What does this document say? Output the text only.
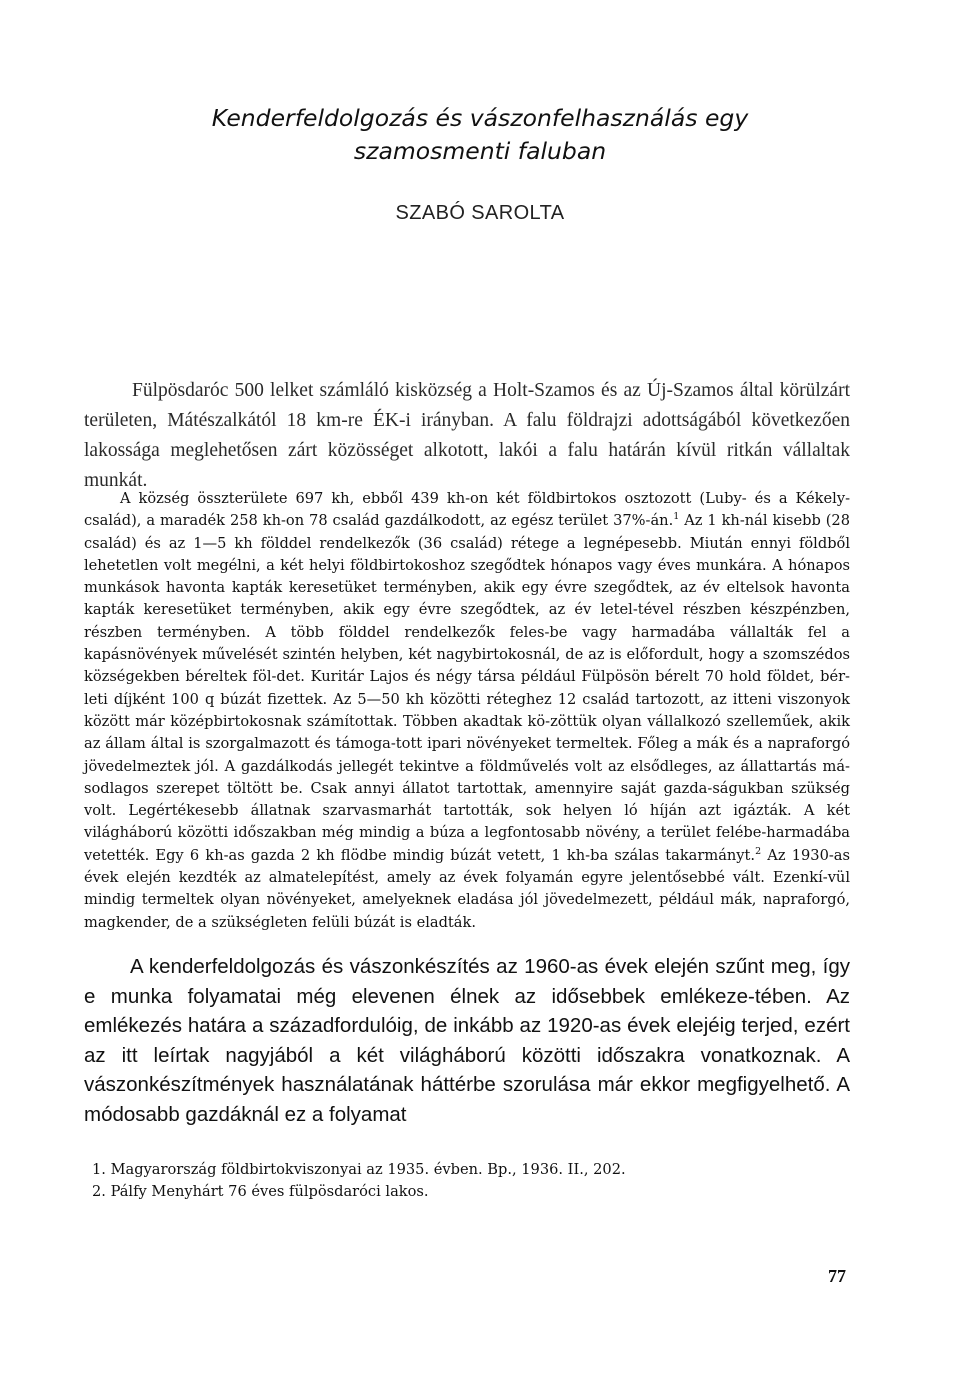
Kenderfeldolgozás és vászonfelhasználás egy

szamosmenti faluban

SZABÓ SAROLTA

Fülpösdaróc 500 lelket számláló kisközség a Holt-Szamos és az Új-Szamos által körülzárt területen, Mátészalkától 18 km-re ÉK-i irányban. A falu földrajzi adottságából következően lakossága meglehetősen zárt közösséget alkotott, lakói a falu határán kívül ritkán vállaltak munkát.

A község összterülete 697 kh, ebből 439 kh-on két földbirtokos osztozott (Luby- és a Kékely-család), a maradék 258 kh-on 78 család gazdálkodott, az egész terület 37%-án.$^1$ Az 1 kh-nál kisebb (28 család) és az 1—5 kh földdel rendelkezők (36 család) rétege a legnépesebb. Miután ennyi földből lehetetlen volt megélni, a két helyi földbirtokoshoz szegődtek hónapos vagy éves munkára. A hónapos munkások havonta kapták keresetüket terményben, akik egy évre szegődtek, az év eltelsok havonta kapták keresetüket terményben, akik egy évre szegődtek, az év letel-tével részben készpénzben, részben terményben. A több földdel rendelkezők feles-be vagy harmadába vállalták fel a kapásnövények művelését szintén helyben, két nagybirtokosnál, de az is előfordult, hogy a szomszédos községekben béreltek föl-det. Kuritár Lajos és négy társa például Fülpösön bérelt 70 hold földet, bér-leti díjként 100 q búzát fizettek. Az 5—50 kh közötti réteghez 12 család tartozott, az itteni viszonyok között már középbirtokosnak számítottak. Többen akadtak kö-zöttük olyan vállalkozó szelleműek, akik az állam által is szorgalmazott és támoga-tott ipari növényeket termeltek. Főleg a mák és a napraforgó jövedelmeztek jól. A gazdálkodás jellegét tekintve a földművelés volt az elsődleges, az állattartás má-sodlagos szerepet töltött be. Csak annyi állatot tartottak, amennyire saját gazda-ságukban szükség volt. Legértékesebb állatnak szarvasmarhát tartották, sok helyen ló híján azt igázták. A két világháború közötti időszakban még mindig a búza a legfontosabb növény, a terület felébe-harmadába vetették. Egy 6 kh-as gazda 2 kh flödbe mindig búzát vetett, 1 kh-ba szálas takarmányt.$^2$ Az 1930-as évek elején kezdték az almatelepítést, amely az évek folyamán egyre jelentősebbé vált. Ezenkí-vül mindig termeltek olyan növényeket, amelyeknek eladása jól jövedelmezett, például mák, napraforgó, magkender, de a szükségleten felüli búzát is eladták.

A kenderfeldolgozás és vászonkészítés az 1960-as évek elején szűnt meg, így e munka folyamatai még elevenen élnek az idősebbek emlékeze-tében. Az emlékezés határa a századfordulóig, de inkább az 1920-as évek elejéig terjed, ezért az itt leírtak nagyjából a két világháború közötti időszakra vonatkoznak. A vászonkészítmények használatának háttérbe szorulása már ekkor megfigyelhető. A módosabb gazdáknál ez a folyamat

1. Magyarország földbirtokviszonyai az 1935. évben. Bp., 1936. II., 202.

2. Pálfy Menyhárt 76 éves fülpösdaróci lakos.

77
